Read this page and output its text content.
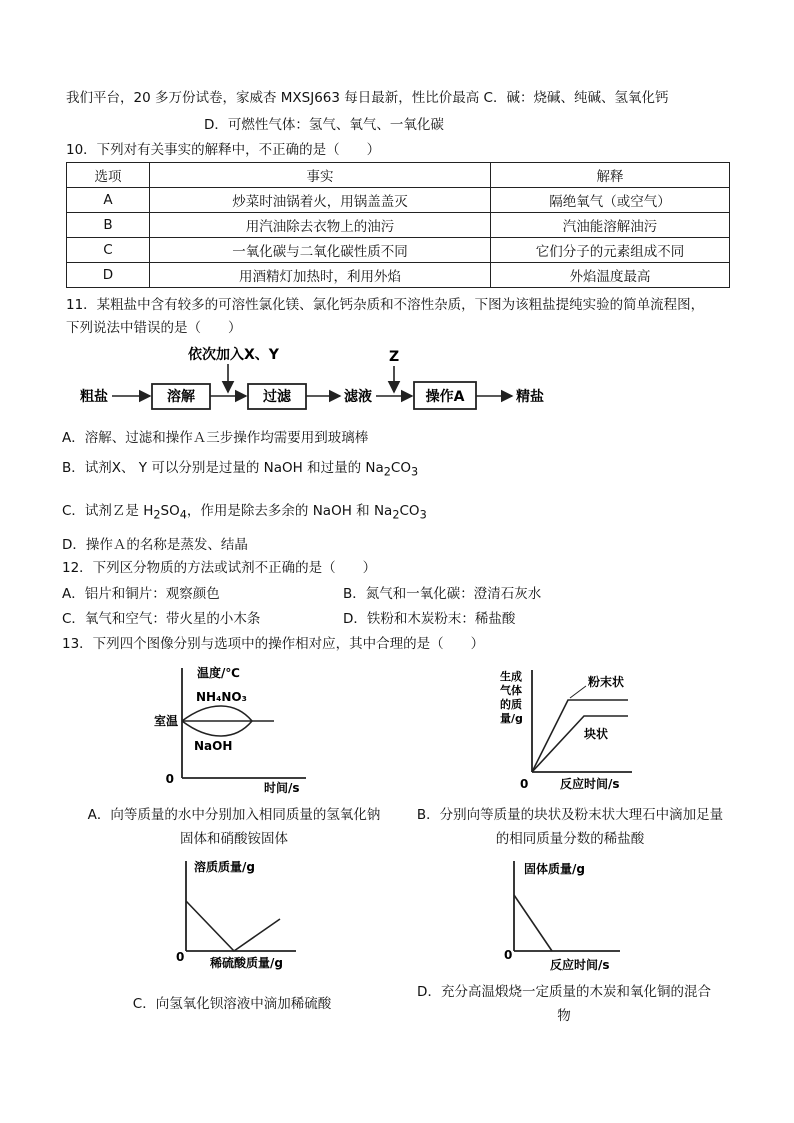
我们平台，20 多万份试卷，家威杏 MXSJ663 每日最新，性比价最高 C．碱：烧碱、纯碱、氢氧化钙
D．可燃性气体：氢气、氧气、一氧化碳
10．下列对有关事实的解释中，不正确的是（　　）
选项	事实	解释
A	炒菜时油锅着火，用锅盖盖灭	隔绝氧气（或空气）
B	用汽油除去衣物上的油污	汽油能溶解油污
C	一氧化碳与二氧化碳性质不同	它们分子的元素组成不同
D	用酒精灯加热时，利用外焰	外焰温度最高
11．某粗盐中含有较多的可溶性氯化镁、氯化钙杂质和不溶性杂质，下图为该粗盐提纯实验的简单流程图，
下列说法中错误的是（　　）
粗盐	溶解
依次加入X、Y
过滤	滤液
Z
操作A	精盐
A．溶解、过滤和操作Ａ三步操作均需要用到玻璃棒
B．试剂X、 Y 可以分别是过量的 NaOH 和过量的 $Na_2CO_3$
C．试剂Ｚ是 $H_2SO_4$，作用是除去多余的 NaOH 和 $Na_2CO_3$
D．操作Ａ的名称是蒸发、结晶
12．下列区分物质的方法或试剂不正确的是（　　）
A．铝片和铜片：观察颜色	B．氮气和一氧化碳：澄清石灰水
C．氧气和空气：带火星的小木条	D．铁粉和木炭粉末：稀盐酸
13．下列四个图像分别与选项中的操作相对应，其中合理的是（　　）
温度/℃
时间/s
0
室温
NH₄NO₃
NaOH
生成
气体
的质
量/g
0	反应时间/s
粉末状
块状
A．向等质量的水中分别加入相同质量的氢氧化钠
固体和硝酸铵固体
B．分别向等质量的块状及粉末状大理石中滴加足量
的相同质量分数的稀盐酸
溶质质量/g
0 稀硫酸质量/g
固体质量/g
0
反应时间/s
C．向氢氧化钡溶液中滴加稀硫酸
D．充分高温煅烧一定质量的木炭和氧化铜的混合
物
